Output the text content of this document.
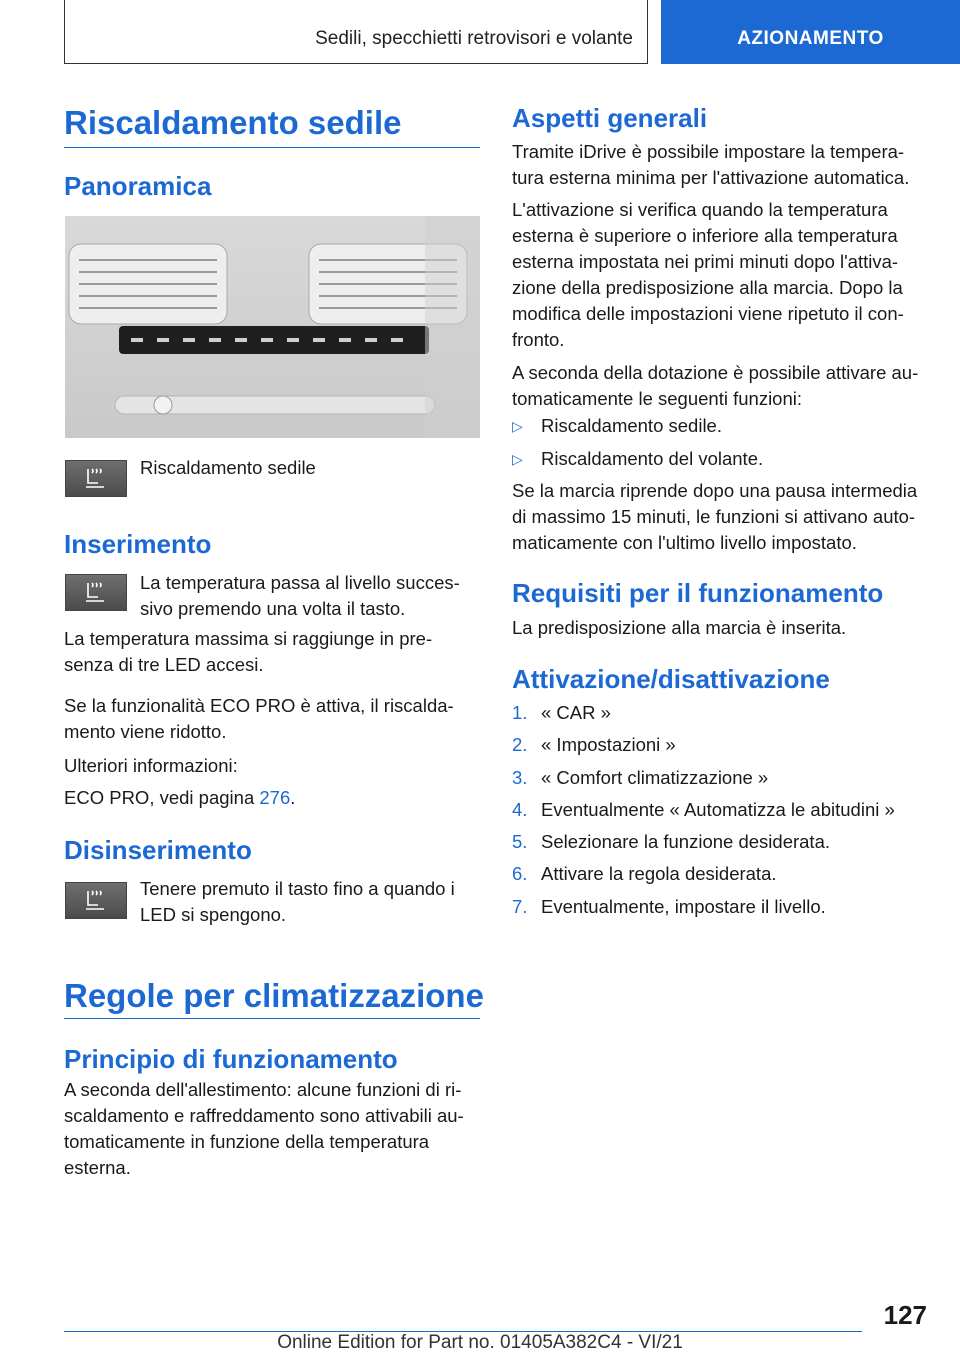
Sedili, specchietti retrovisori e volante	AZIONAMENTO
Riscaldamento sedile
Panoramica
Riscaldamento sedile
Inserimento
La temperatura passa al livello succes-
sivo premendo una volta il tasto.
La temperatura massima si raggiunge in pre-
senza di tre LED accesi.
Se la funzionalità ECO PRO è attiva, il riscalda-
mento viene ridotto.
Ulteriori informazioni:
ECO PRO, vedi pagina 276.
Disinserimento
Tenere premuto il tasto fino a quando i
LED si spengono.
Regole per climatizzazione
Principio di funzionamento
A seconda dell'allestimento: alcune funzioni di ri-
scaldamento e raffreddamento sono attivabili au-
tomaticamente in funzione della temperatura
esterna.
Aspetti generali
Tramite iDrive è possibile impostare la tempera-
tura esterna minima per l'attivazione automatica.
L'attivazione si verifica quando la temperatura
esterna è superiore o inferiore alla temperatura
esterna impostata nei primi minuti dopo l'attiva-
zione della predisposizione alla marcia. Dopo la
modifica delle impostazioni viene ripetuto il con-
fronto.
A seconda della dotazione è possibile attivare au-
tomaticamente le seguenti funzioni:
▷ Riscaldamento sedile.
▷ Riscaldamento del volante.
Se la marcia riprende dopo una pausa intermedia
di massimo 15 minuti, le funzioni si attivano auto-
maticamente con l'ultimo livello impostato.
Requisiti per il funzionamento
La predisposizione alla marcia è inserita.
Attivazione/disattivazione
1. « CAR »
2. « Impostazioni »
3. « Comfort climatizzazione »
4. Eventualmente « Automatizza le abitudini »
5. Selezionare la funzione desiderata.
6. Attivare la regola desiderata.
7. Eventualmente, impostare il livello.
127
Online Edition for Part no. 01405A382C4 - VI/21
